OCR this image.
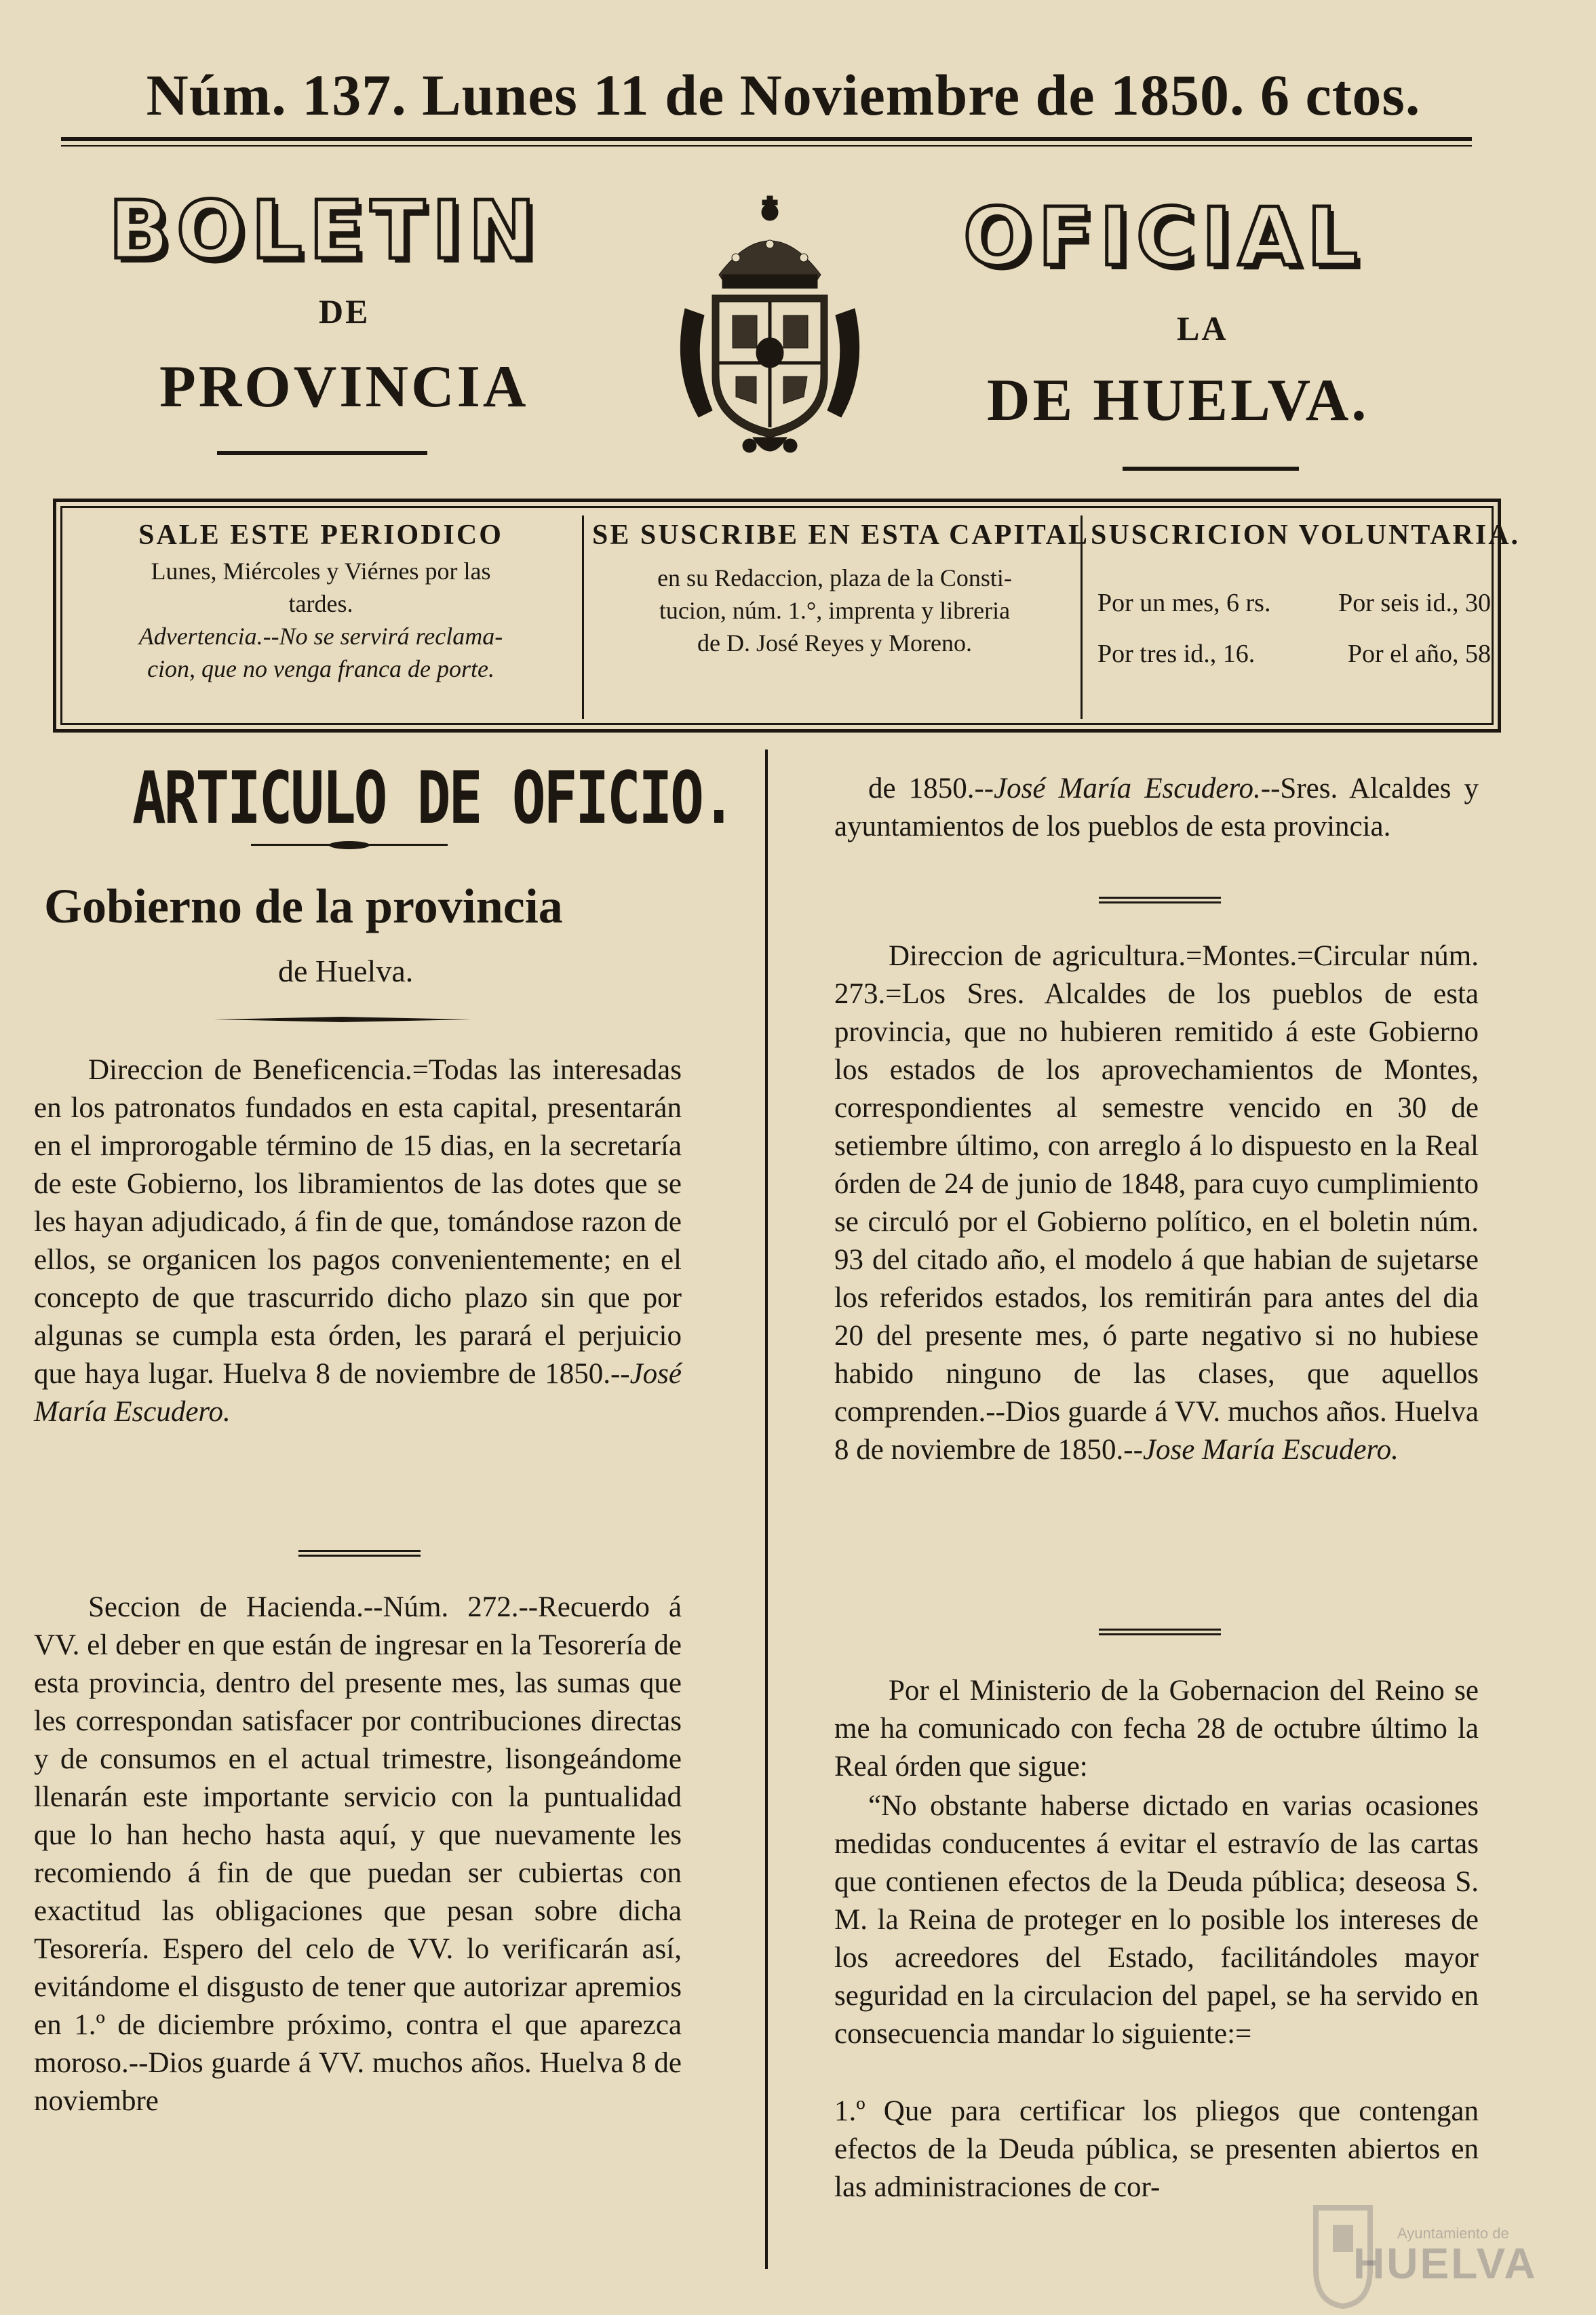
Núm. 137. Lunes 11 de Noviembre de 1850. 6 ctos.
BOLETIN	OFICIAL
DE	LA
PROVINCIA	DE HUELVA.
SALE ESTE PERIODICO
Lunes, Miércoles y Viérnes por las
tardes.
Advertencia.--No se servirá reclama-
cion, que no venga franca de porte.
SE SUSCRIBE EN ESTA CAPITAL
en su Redaccion, plaza de la Consti-
tucion, núm. 1.°, imprenta y libreria
de D. José Reyes y Moreno.
SUSCRICION VOLUNTARIA.
Por un mes, 6 rs.	Por seis id., 30
Por tres id., 16.	Por el año, 58
ARTICULO DE OFICIO.
Gobierno de la provincia
de Huelva.

Direccion de Beneficencia.=Todas las interesadas en los patronatos fundados en esta capital, presentarán en el improrogable término de 15 dias, en la secretaría de este Gobierno, los libramientos de las dotes que se les hayan adjudicado, á fin de que, tomándose razon de ellos, se organicen los pagos convenientemente; en el concepto de que trascurrido dicho plazo sin que por algunas se cumpla esta órden, les parará el perjuicio que haya lugar. Huelva 8 de noviembre de 1850.--José María Escudero.

Seccion de Hacienda.--Núm. 272.--Recuerdo á VV. el deber en que están de ingresar en la Tesorería de esta provincia, dentro del presente mes, las sumas que les correspondan satisfacer por contribuciones directas y de consumos en el actual trimestre, lisongeándome llenarán este importante servicio con la puntualidad que lo han hecho hasta aquí, y que nuevamente les recomiendo á fin de que puedan ser cubiertas con exactitud las obligaciones que pesan sobre dicha Tesorería. Espero del celo de VV. lo verificarán así, evitándome el disgusto de tener que autorizar apremios en 1.º de diciembre próximo, contra el que aparezca moroso.--Dios guarde á VV. muchos años. Huelva 8 de noviembre

de 1850.--José María Escudero.--Sres. Alcaldes y ayuntamientos de los pueblos de esta provincia.

Direccion de agricultura.=Montes.=Circular núm. 273.=Los Sres. Alcaldes de los pueblos de esta provincia, que no hubieren remitido á este Gobierno los estados de los aprovechamientos de Montes, correspondientes al semestre vencido en 30 de setiembre último, con arreglo á lo dispuesto en la Real órden de 24 de junio de 1848, para cuyo cumplimiento se circuló por el Gobierno político, en el boletin núm. 93 del citado año, el modelo á que habian de sujetarse los referidos estados, los remitirán para antes del dia 20 del presente mes, ó parte negativo si no hubiese habido ninguno de las clases, que aquellos comprenden.--Dios guarde á VV. muchos años. Huelva 8 de noviembre de 1850.--Jose María Escudero.

Por el Ministerio de la Gobernacion del Reino se me ha comunicado con fecha 28 de octubre último la Real órden que sigue:

“No obstante haberse dictado en varias ocasiones medidas conducentes á evitar el estravío de las cartas que contienen efectos de la Deuda pública; deseosa S. M. la Reina de proteger en lo posible los intereses de los acreedores del Estado, facilitándoles mayor seguridad en la circulacion del papel, se ha servido en consecuencia mandar lo siguiente:=

1.º Que para certificar los pliegos que contengan efectos de la Deuda pública, se presenten abiertos en las administraciones de cor-

Ayuntamiento de
HUELVA
